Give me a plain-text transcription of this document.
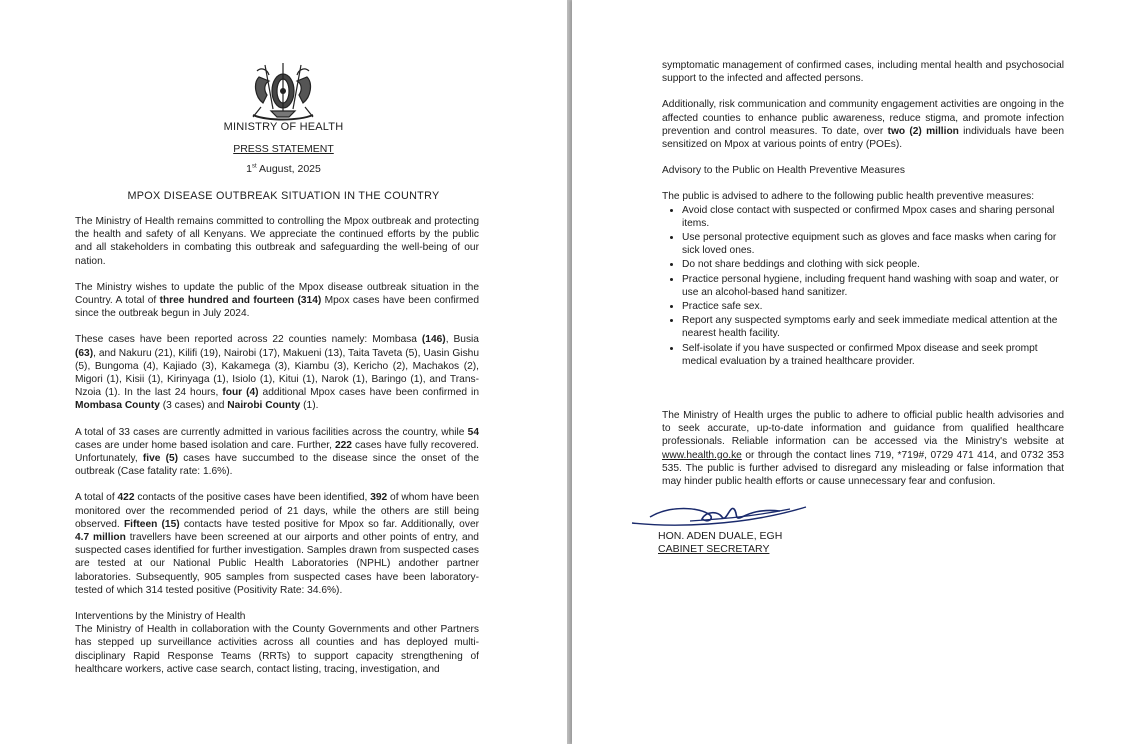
MINISTRY OF HEALTH
PRESS STATEMENT
1st August, 2025
MPOX DISEASE OUTBREAK SITUATION IN THE COUNTRY

The Ministry of Health remains committed to controlling the Mpox outbreak and protecting the health and safety of all Kenyans. We appreciate the continued efforts by the public and all stakeholders in combating this outbreak and safeguarding the well-being of our nation.

The Ministry wishes to update the public of the Mpox disease outbreak situation in the Country. A total of three hundred and fourteen (314) Mpox cases have been confirmed since the outbreak begun in July 2024.

These cases have been reported across 22 counties namely: Mombasa (146), Busia (63), and Nakuru (21), Kilifi (19), Nairobi (17), Makueni (13), Taita Taveta (5), Uasin Gishu (5), Bungoma (4), Kajiado (3), Kakamega (3), Kiambu (3), Kericho (2), Machakos (2), Migori (1), Kisii (1), Kirinyaga (1), Isiolo (1), Kitui (1), Narok (1), Baringo (1), and Trans-Nzoia (1). In the last 24 hours, four (4) additional Mpox cases have been confirmed in Mombasa County (3 cases) and Nairobi County (1).

A total of 33 cases are currently admitted in various facilities across the country, while 54 cases are under home based isolation and care. Further, 222 cases have fully recovered. Unfortunately, five (5) cases have succumbed to the disease since the onset of the outbreak (Case fatality rate: 1.6%).

A total of 422 contacts of the positive cases have been identified, 392 of whom have been monitored over the recommended period of 21 days, while the others are still being observed. Fifteen (15) contacts have tested positive for Mpox so far. Additionally, over 4.7 million travellers have been screened at our airports and other points of entry, and suspected cases identified for further investigation. Samples drawn from suspected cases are tested at our National Public Health Laboratories (NPHL) andother partner laboratories. Subsequently, 905 samples from suspected cases have been laboratory-tested of which 314 tested positive (Positivity Rate: 34.6%).

Interventions by the Ministry of Health

The Ministry of Health in collaboration with the County Governments and other Partners has stepped up surveillance activities across all counties and has deployed multi-disciplinary Rapid Response Teams (RRTs) to support capacity strengthening of healthcare workers, active case search, contact listing, tracing, investigation, and

symptomatic management of confirmed cases, including mental health and psychosocial support to the infected and affected persons.

Additionally, risk communication and community engagement activities are ongoing in the affected counties to enhance public awareness, reduce stigma, and promote infection prevention and control measures. To date, over two (2) million individuals have been sensitized on Mpox at various points of entry (POEs).

Advisory to the Public on Health Preventive Measures

The public is advised to adhere to the following public health preventive measures:

• Avoid close contact with suspected or confirmed Mpox cases and sharing personal items.
• Use personal protective equipment such as gloves and face masks when caring for sick loved ones.
• Do not share beddings and clothing with sick people.
• Practice personal hygiene, including frequent hand washing with soap and water, or use an alcohol-based hand sanitizer.
• Practice safe sex.
• Report any suspected symptoms early and seek immediate medical attention at the nearest health facility.
• Self-isolate if you have suspected or confirmed Mpox disease and seek prompt medical evaluation by a trained healthcare provider.

The Ministry of Health urges the public to adhere to official public health advisories and to seek accurate, up-to-date information and guidance from qualified healthcare professionals. Reliable information can be accessed via the Ministry's website at www.health.go.ke or through the contact lines 719, *719#, 0729 471 414, and 0732 353 535. The public is further advised to disregard any misleading or false information that may hinder public health efforts or cause unnecessary fear and confusion.

HON. ADEN DUALE, EGH
CABINET SECRETARY
